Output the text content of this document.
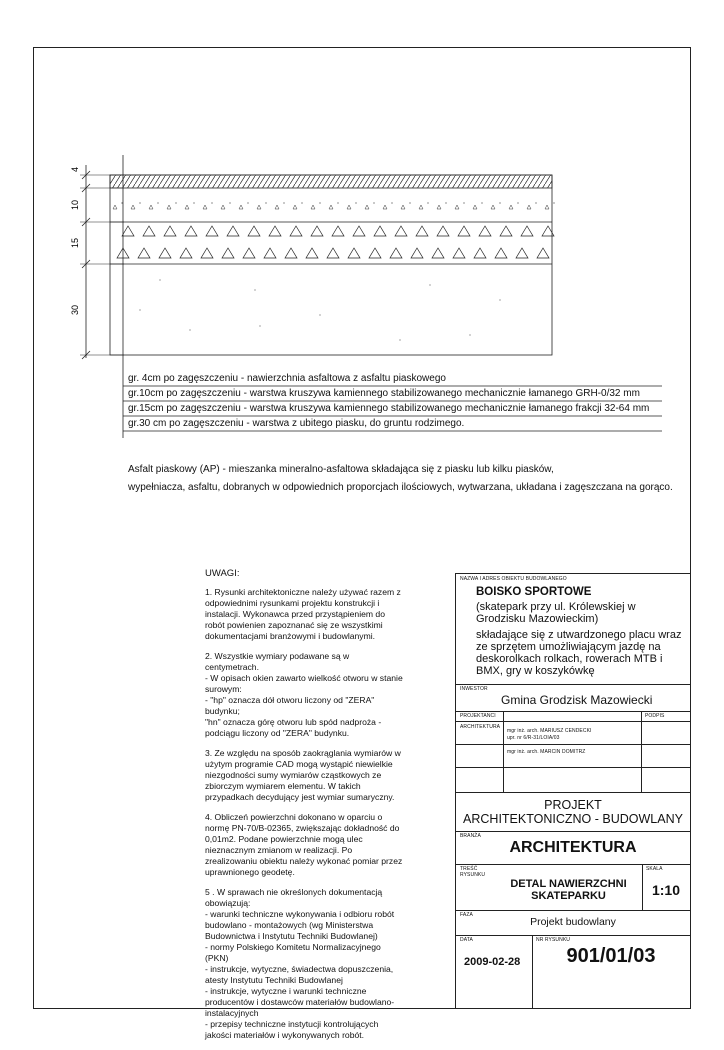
4
10
15
30
gr. 4cm po zagęszczeniu - nawierzchnia asfaltowa z asfaltu piaskowego
gr.10cm po zagęszczeniu - warstwa kruszywa kamiennego stabilizowanego mechanicznie łamanego GRH-0/32 mm
gr.15cm po zagęszczeniu - warstwa kruszywa kamiennego stabilizowanego mechanicznie łamanego frakcji 32-64 mm
gr.30 cm po zagęszczeniu - warstwa z ubitego piasku, do gruntu rodzimego.
Asfalt piaskowy (AP) - mieszanka mineralno-asfaltowa składająca się z piasku lub kilku piasków,
wypełniacza, asfaltu, dobranych w odpowiednich proporcjach ilościowych, wytwarzana, układana i zagęszczana na gorąco.
UWAGI:

1. Rysunki architektoniczne należy używać razem z odpowiednimi rysunkami projektu konstrukcji i instalacji. Wykonawca przed przystąpieniem do robót powienien zapoznanać się ze wszystkimi dokumentacjami branżowymi i budowlanymi.

2. Wszystkie wymiary podawane są w centymetrach.
- W opisach okien zawarto wielkość otworu w stanie surowym:
- "hp" oznacza dół otworu liczony od "ZERA" budynku;
"hn" oznacza górę otworu lub spód nadproża - podciągu liczony od "ZERA" budynku.

3. Ze względu na sposób zaokrąglania wymiarów w użytym programie CAD mogą wystąpić niewielkie niezgodności sumy wymiarów cząstkowych ze zbiorczym wymiarem elementu. W takich przypadkach decydujący jest wymiar sumaryczny.

4. Obliczeń powierzchni dokonano w oparciu o normę PN-70/B-02365, zwiększając dokładność do 0,01m2. Podane powierzchnie mogą ulec nieznacznym zmianom w realizacji. Po zrealizowaniu obiektu należy wykonać pomiar przez uprawnionego geodetę.

5 . W sprawach nie określonych dokumentacją obowiązują:
- warunki techniczne wykonywania i odbioru robót budowlano - montażowych (wg Ministerstwa Budownictwa i Instytutu Techniki Budowlanej)
- normy Polskiego Komitetu Normalizacyjnego (PKN)
- instrukcje, wytyczne, świadectwa dopuszczenia, atesty Instytutu Techniki Budowlanej
- instrukcje, wytyczne i warunki techniczne producentów i dostawców materiałów budowlano-instalacyjnych
- przepisy techniczne instytucji kontrolujących jakości materiałów i wykonywanych robót.

NAZWA I ADRES OBIEKTU BUDOWLANEGO
BOISKO SPORTOWE
(skatepark przy ul. Królewskiej w Grodzisku Mazowieckim)
składające się z utwardzonego placu wraz ze sprzętem umożliwiającym jazdę na deskorolkach rolkach, rowerach MTB i BMX, gry w koszykówkę
INWESTOR
Gmina Grodzisk Mazowiecki
PROJEKTANCI	PODPIS
ARCHITEKTURA
mgr inż. arch. MARIUSZ CENDECKI
upr. nr 6/R-31/LOIA/03
mgr inż. arch. MARCIN DOMITRZ
PROJEKT
ARCHITEKTONICZNO - BUDOWLANY
BRANŻA
ARCHITEKTURA
TREŚĆ RYSUNKU
DETAL NAWIERZCHNI SKATEPARKU
SKALA
1:10
FAZA
Projekt budowlany
DATA
2009-02-28
NR RYSUNKU
901/01/03
